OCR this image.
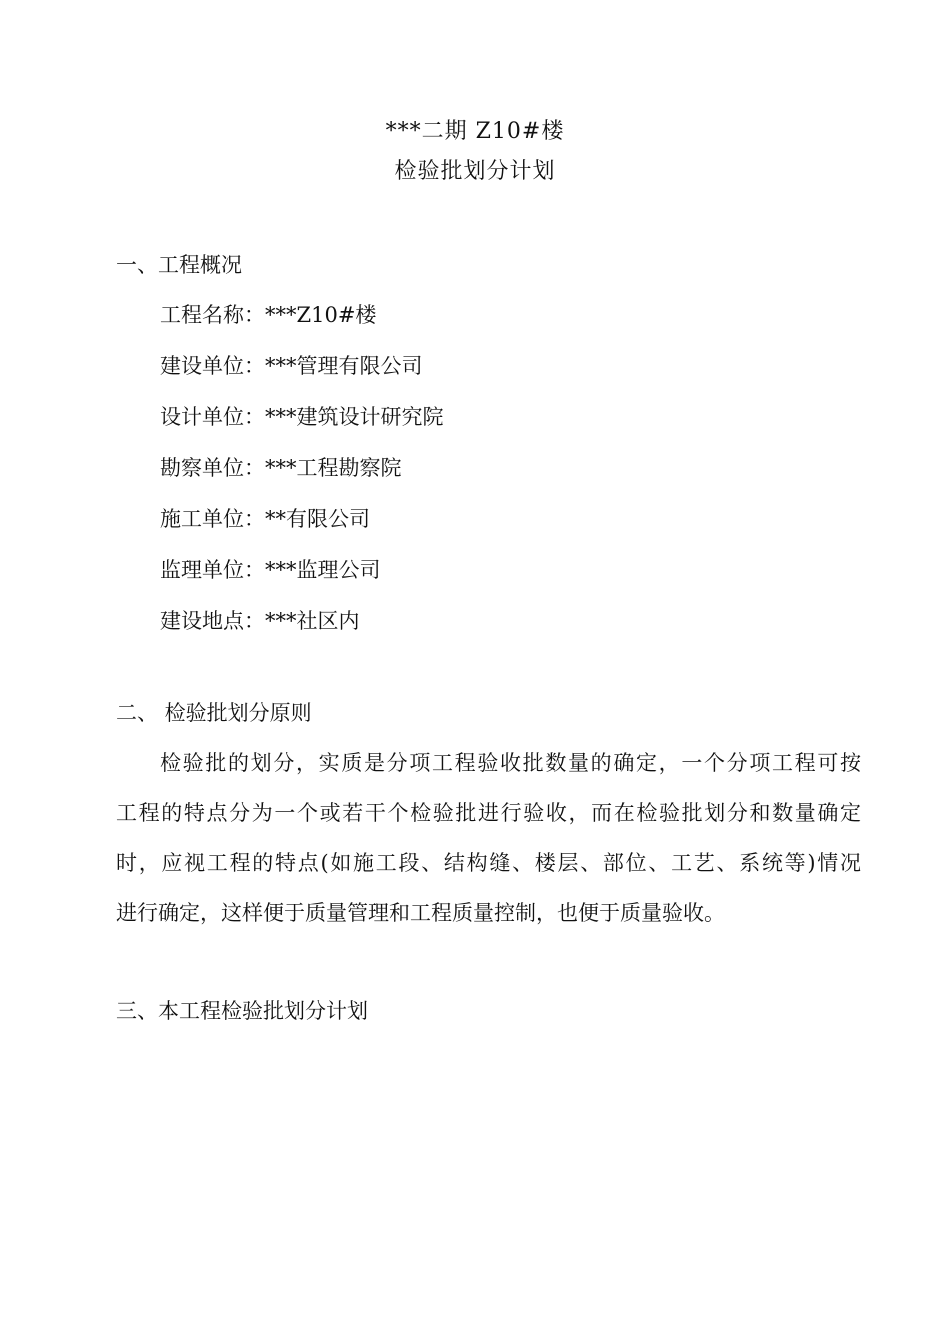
***二期 Z10#楼
检验批划分计划
一、工程概况
工程名称：***Z10#楼
建设单位：***管理有限公司
设计单位：***建筑设计研究院
勘察单位：***工程勘察院
施工单位：**有限公司
监理单位：***监理公司
建设地点：***社区内
二、 检验批划分原则
检验批的划分，实质是分项工程验收批数量的确定，一个分项工程可按
工程的特点分为一个或若干个检验批进行验收，而在检验批划分和数量确定
时，应视工程的特点(如施工段、结构缝、楼层、部位、工艺、系统等)情况
进行确定，这样便于质量管理和工程质量控制，也便于质量验收。
三、本工程检验批划分计划
